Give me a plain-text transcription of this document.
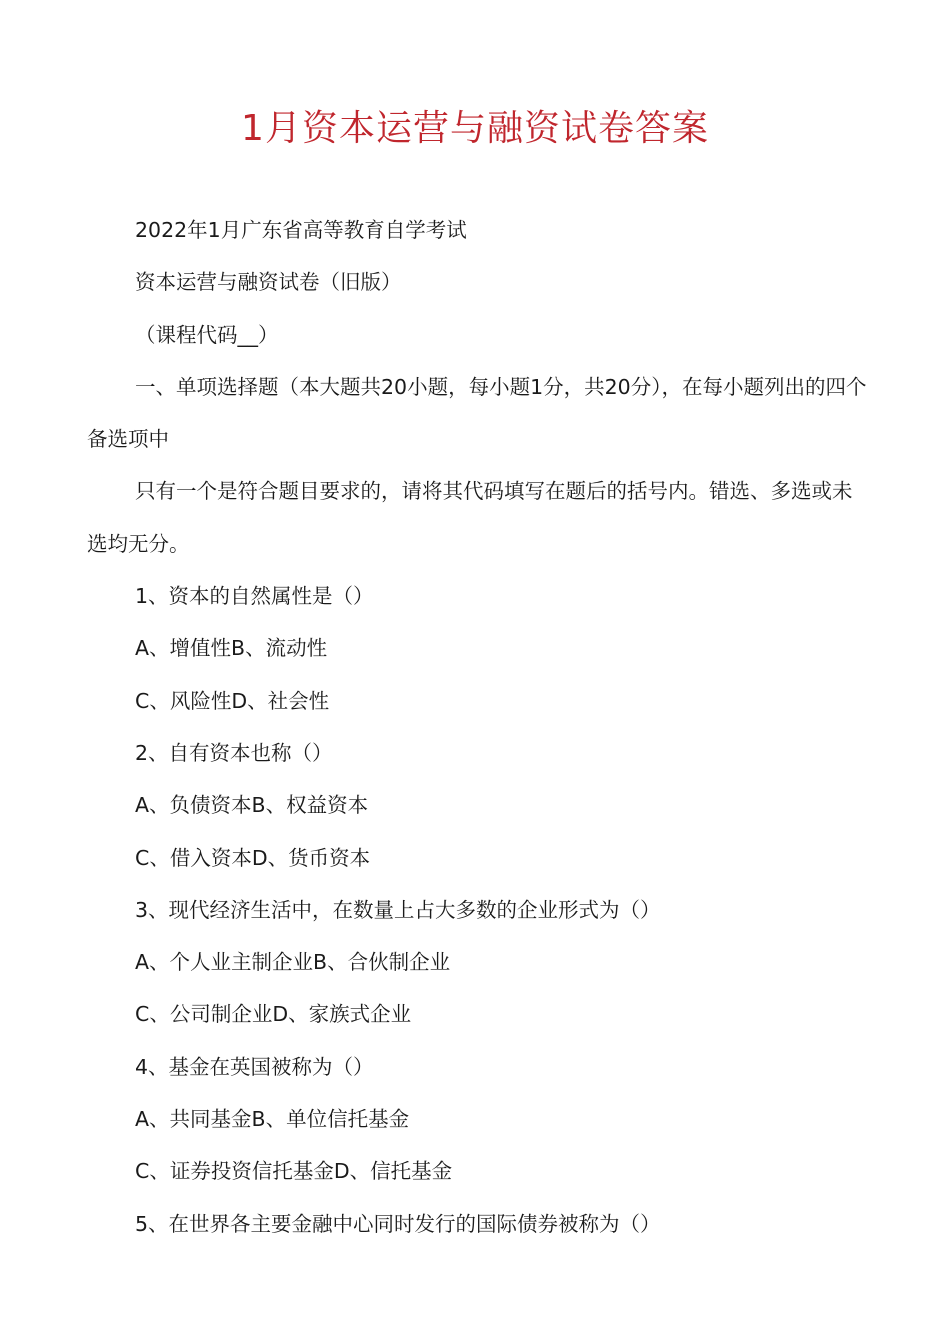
1月资本运营与融资试卷答案

2022年1月广东省高等教育自学考试

资本运营与融资试卷（旧版）

（课程代码__）

一、单项选择题（本大题共20小题，每小题1分，共20分），在每小题列出的四个备选项中

只有一个是符合题目要求的，请将其代码填写在题后的括号内。错选、多选或未选均无分。

1、资本的自然属性是（）

A、增值性B、流动性

C、风险性D、社会性

2、自有资本也称（）

A、负债资本B、权益资本

C、借入资本D、货币资本

3、现代经济生活中，在数量上占大多数的企业形式为（）

A、个人业主制企业B、合伙制企业

C、公司制企业D、家族式企业

4、基金在英国被称为（）

A、共同基金B、单位信托基金

C、证券投资信托基金D、信托基金

5、在世界各主要金融中心同时发行的国际债券被称为（）
